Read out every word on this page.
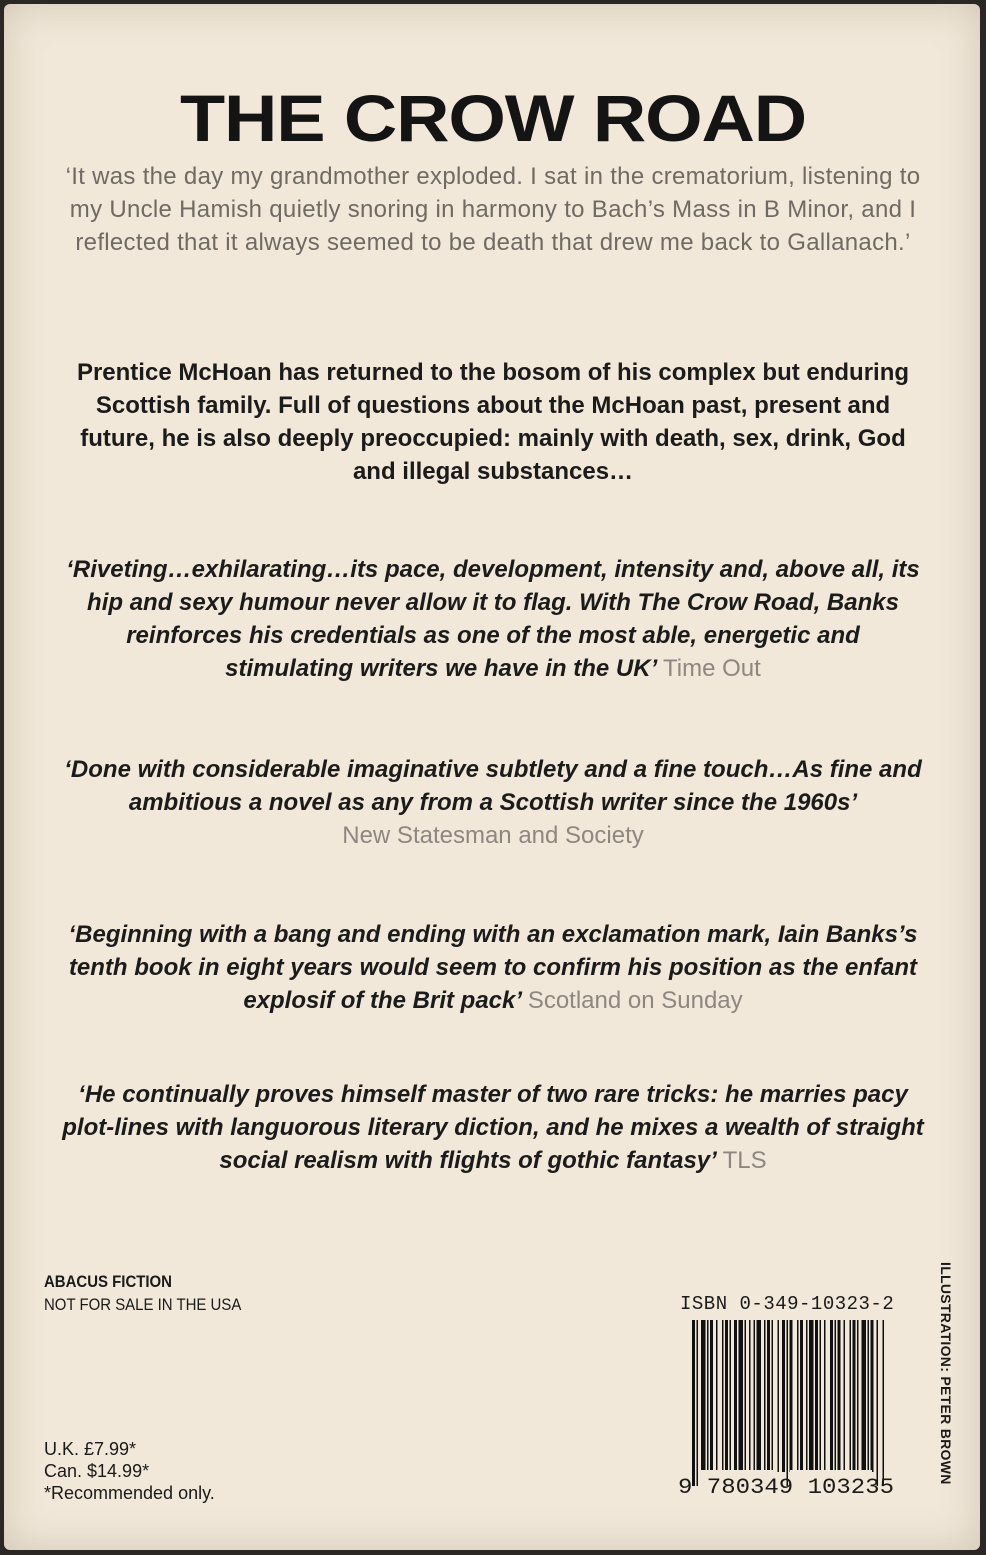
THE CROW ROAD
‘It was the day my grandmother exploded. I sat in the crematorium, listening to my Uncle Hamish quietly snoring in harmony to Bach’s Mass in B Minor, and I reflected that it always seemed to be death that drew me back to Gallanach.’
Prentice McHoan has returned to the bosom of his complex but enduring Scottish family. Full of questions about the McHoan past, present and future, he is also deeply preoccupied: mainly with death, sex, drink, God and illegal substances…
‘Riveting…exhilarating…its pace, development, intensity and, above all, its hip and sexy humour never allow it to flag. With The Crow Road, Banks reinforces his credentials as one of the most able, energetic and stimulating writers we have in the UK’ Time Out
‘Done with considerable imaginative subtlety and a fine touch…As fine and ambitious a novel as any from a Scottish writer since the 1960s’
New Statesman and Society
‘Beginning with a bang and ending with an exclamation mark, Iain Banks’s tenth book in eight years would seem to confirm his position as the enfant explosif of the Brit pack’ Scotland on Sunday
‘He continually proves himself master of two rare tricks: he marries pacy plot-lines with languorous literary diction, and he mixes a wealth of straight social realism with flights of gothic fantasy’ TLS
ABACUS FICTION
NOT FOR SALE IN THE USA
U.K. £7.99*
Can. $14.99*
*Recommended only.
ISBN 0-349-10323-2
9 780349 103235
ILLUSTRATION: PETER BROWN
